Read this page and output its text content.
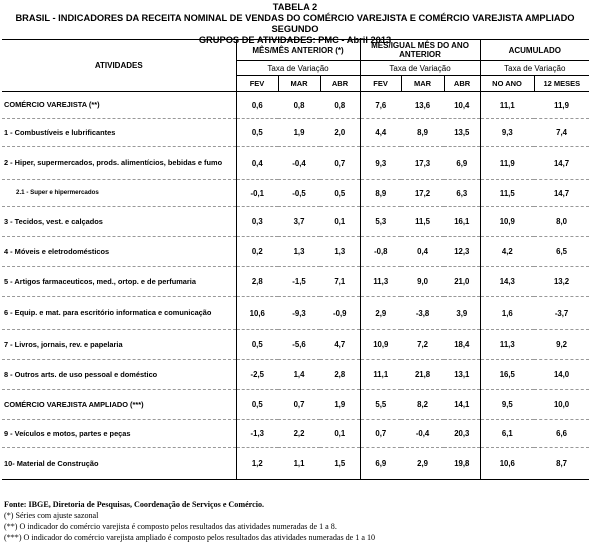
TABELA 2
BRASIL - INDICADORES DA RECEITA NOMINAL DE VENDAS DO COMÉRCIO VAREJISTA E COMÉRCIO VAREJISTA AMPLIADO SEGUNDO
GRUPOS DE ATIVIDADES: PMC - Abril 2013
ATIVIDADES	MÊS/MÊS ANTERIOR (*)			MÊS/IGUAL MÊS DO ANO ANTERIOR			ACUMULADO	
	Taxa de Variação			Taxa de Variação			Taxa de Variação	
	FEV	MAR	ABR	FEV	MAR	ABR	NO ANO	12 MESES
COMÉRCIO VAREJISTA (**)	0,6	0,8	0,8	7,6	13,6	10,4	11,1	11,9
1 - Combustíveis e lubrificantes	0,5	1,9	2,0	4,4	8,9	13,5	9,3	7,4
2 - Hiper, supermercados, prods. alimentícios, bebidas e fumo	0,4	-0,4	0,7	9,3	17,3	6,9	11,9	14,7
2.1 - Super e hipermercados	-0,1	-0,5	0,5	8,9	17,2	6,3	11,5	14,7
3 - Tecidos, vest. e calçados	0,3	3,7	0,1	5,3	11,5	16,1	10,9	8,0
4 - Móveis e eletrodomésticos	0,2	1,3	1,3	-0,8	0,4	12,3	4,2	6,5
5 - Artigos farmaceuticos, med., ortop. e de perfumaria	2,8	-1,5	7,1	11,3	9,0	21,0	14,3	13,2
6 - Equip. e mat. para escritório informatica e comunicação	10,6	-9,3	-0,9	2,9	-3,8	3,9	1,6	-3,7
7 - Livros, jornais, rev. e papelaria	0,5	-5,6	4,7	10,9	7,2	18,4	11,3	9,2
8 - Outros arts. de uso pessoal e doméstico	-2,5	1,4	2,8	11,1	21,8	13,1	16,5	14,0
COMÉRCIO VAREJISTA AMPLIADO (***)	0,5	0,7	1,9	5,5	8,2	14,1	9,5	10,0
9 - Veículos e motos, partes e peças	-1,3	2,2	0,1	0,7	-0,4	20,3	6,1	6,6
10- Material de Construção	1,2	1,1	1,5	6,9	2,9	19,8	10,6	8,7
Fonte: IBGE, Diretoria de Pesquisas, Coordenação de Serviços e Comércio.
(*) Séries com ajuste sazonal
(**) O indicador do comércio varejista é composto pelos resultados das atividades numeradas de 1 a 8.
(***) O indicador do comércio varejista ampliado é composto pelos resultados das atividades numeradas de 1 a 10
